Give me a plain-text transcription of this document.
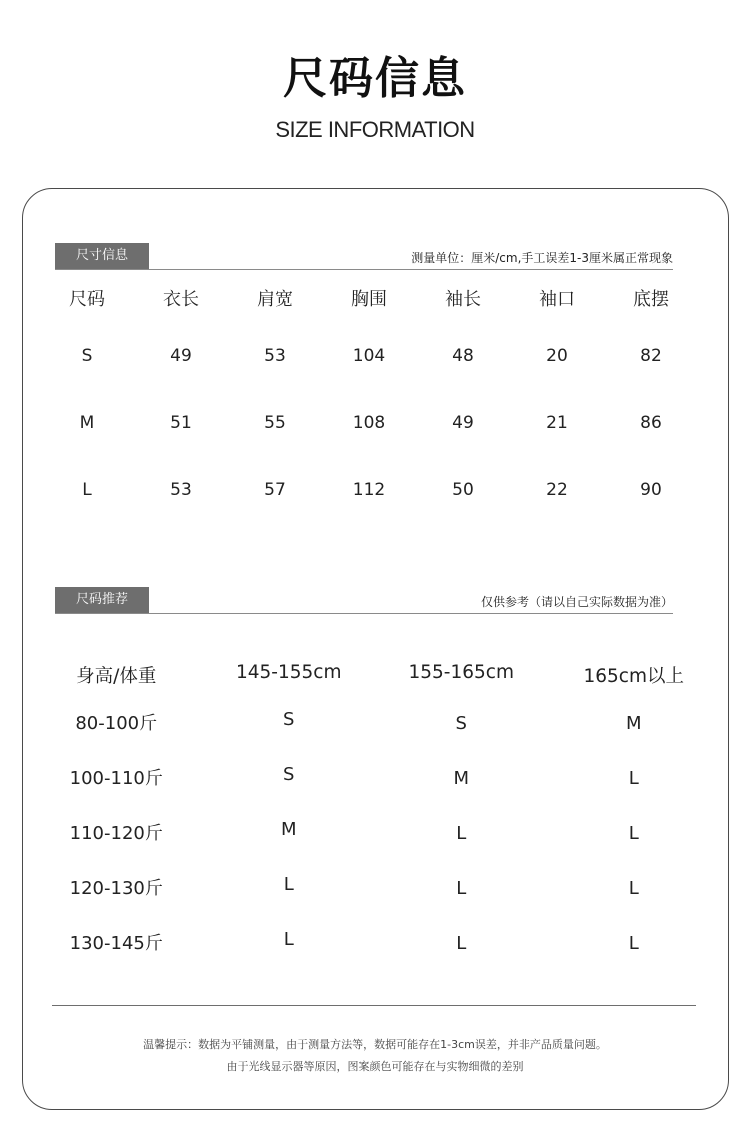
尺码信息
SIZE INFORMATION
尺寸信息	测量单位：厘米/cm,手工误差1-3厘米属正常现象
尺码	衣长	肩宽	胸围	袖长	袖口	底摆
S	49	53	104	48	20	82
M	51	55	108	49	21	86
L	53	57	112	50	22	90
尺码推荐	仅供参考（请以自己实际数据为准）
身高/体重	145-155cm	155-165cm	165cm以上
80-100斤	S	S	M
100-110斤	S	M	L
110-120斤	M	L	L
120-130斤	L	L	L
130-145斤	L	L	L
温馨提示：数据为平铺测量，由于测量方法等，数据可能存在1-3cm误差，并非产品质量问题。
由于光线显示器等原因，图案颜色可能存在与实物细微的差别
